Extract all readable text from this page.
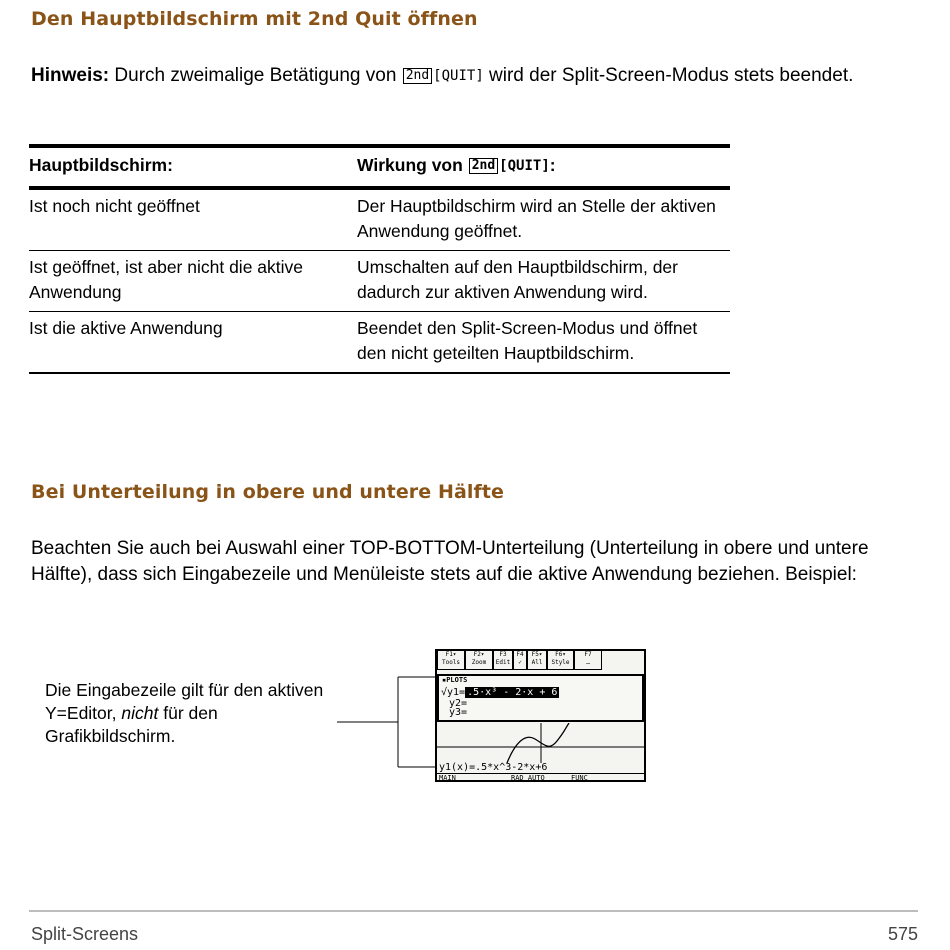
Den Hauptbildschirm mit 2nd Quit öffnen

Hinweis: Durch zweimalige Betätigung von 2nd [QUIT] wird der Split-Screen-Modus stets beendet.

Hauptbildschirm:	Wirkung von 2nd [QUIT]:
Ist noch nicht geöffnet	Der Hauptbildschirm wird an Stelle der aktiven Anwendung geöffnet.
Ist geöffnet, ist aber nicht die aktive Anwendung	Umschalten auf den Hauptbildschirm, der dadurch zur aktiven Anwendung wird.
Ist die aktive Anwendung	Beendet den Split-Screen-Modus und öffnet den nicht geteilten Hauptbildschirm.
Bei Unterteilung in obere und untere Hälfte

Beachten Sie auch bei Auswahl einer TOP-BOTTOM-Unterteilung (Unterteilung in obere und untere Hälfte), dass sich Eingabezeile und Menüleiste stets auf die aktive Anwendung beziehen. Beispiel:

Die Eingabezeile gilt für den aktiven Y=Editor, nicht für den Grafikbildschirm.

F1▾
Tools
F2▾
Zoom
F3
Edit
F4
✓
F5▾
All
F6▾
Style
F7
…
▪PLOTS
√y1= .5·x³ - 2·x + 6
y2=
y3=
y1(x)=.5*x^3-2*x+6
MAIN	RAD AUTO	FUNC
Split-Screens	575
